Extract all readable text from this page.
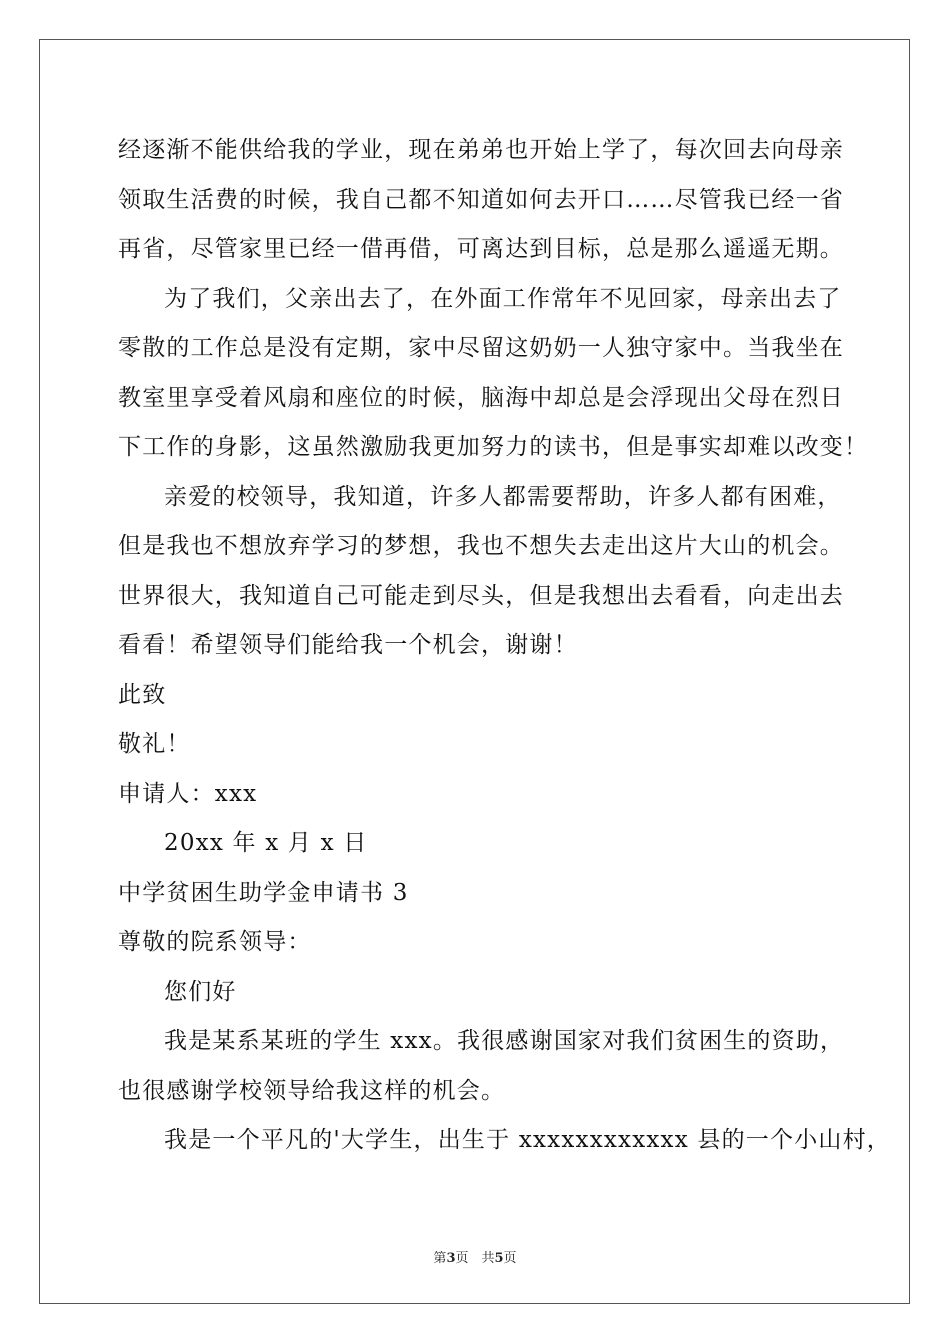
经逐渐不能供给我的学业，现在弟弟也开始上学了，每次回去向母亲
领取生活费的时候，我自己都不知道如何去开口……尽管我已经一省
再省，尽管家里已经一借再借，可离达到目标，总是那么遥遥无期。
为了我们，父亲出去了，在外面工作常年不见回家，母亲出去了
零散的工作总是没有定期，家中尽留这奶奶一人独守家中。当我坐在
教室里享受着风扇和座位的时候，脑海中却总是会浮现出父母在烈日
下工作的身影，这虽然激励我更加努力的读书，但是事实却难以改变！
亲爱的校领导，我知道，许多人都需要帮助，许多人都有困难，
但是我也不想放弃学习的梦想，我也不想失去走出这片大山的机会。
世界很大，我知道自己可能走到尽头，但是我想出去看看，向走出去
看看！希望领导们能给我一个机会，谢谢！
此致
敬礼！
申请人：xxx
20xx 年 x 月 x 日
中学贫困生助学金申请书 3
尊敬的院系领导：
您们好
我是某系某班的学生 xxx。我很感谢国家对我们贫困生的资助，
也很感谢学校领导给我这样的机会。
我是一个平凡的'大学生，出生于 xxxxxxxxxxxx 县的一个小山村，
第3页　共5页
